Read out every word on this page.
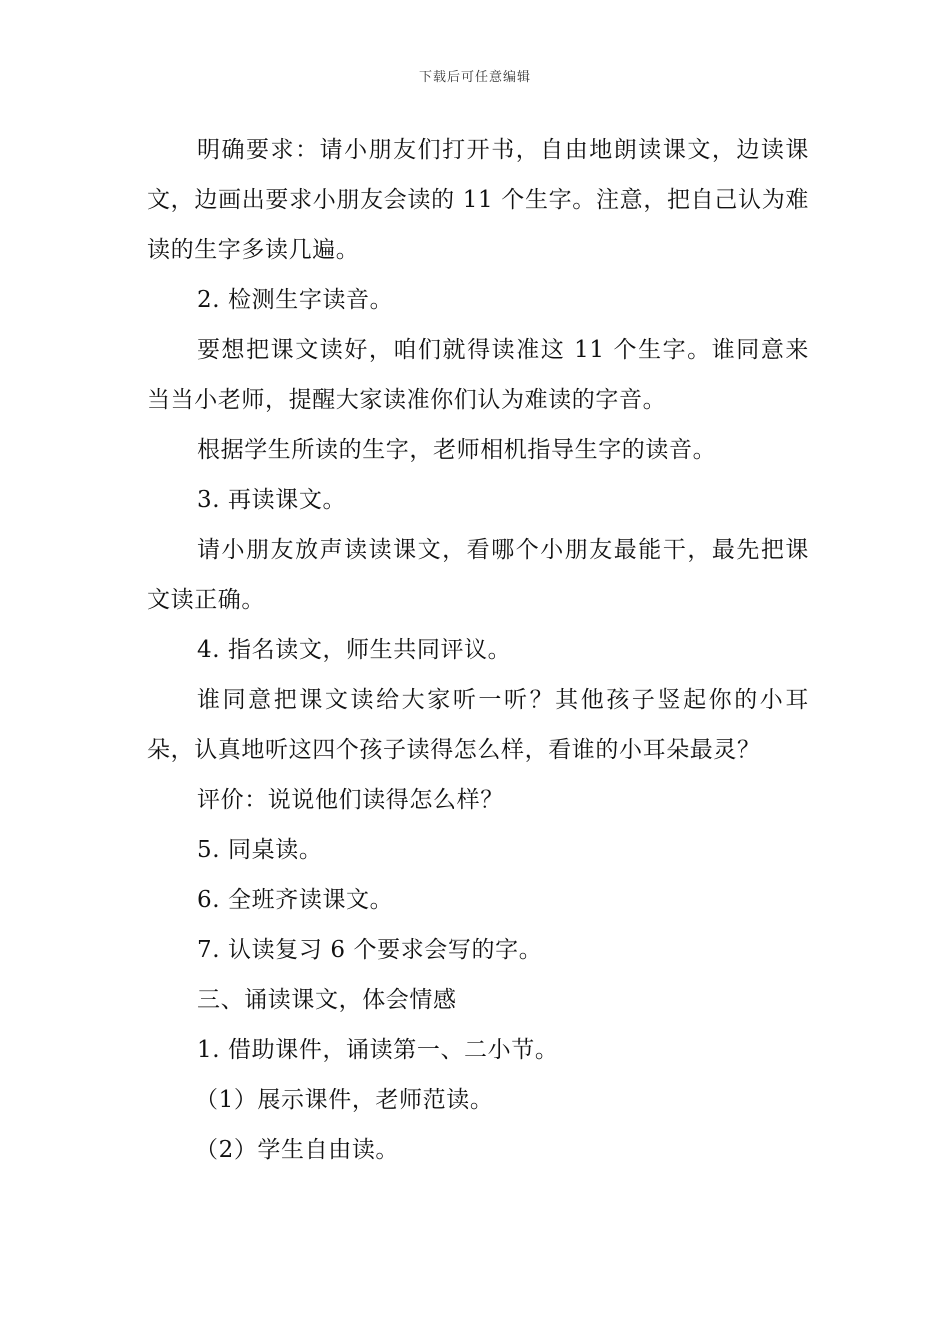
下载后可任意编辑

明确要求：请小朋友们打开书，自由地朗读课文，边读课文，边画出要求小朋友会读的 11 个生字。注意，把自己认为难读的生字多读几遍。

2. 检测生字读音。

要想把课文读好，咱们就得读准这 11 个生字。谁同意来当当小老师，提醒大家读准你们认为难读的字音。

根据学生所读的生字，老师相机指导生字的读音。

3. 再读课文。

请小朋友放声读读课文，看哪个小朋友最能干，最先把课文读正确。

4. 指名读文，师生共同评议。

谁同意把课文读给大家听一听？其他孩子竖起你的小耳朵，认真地听这四个孩子读得怎么样，看谁的小耳朵最灵？

评价：说说他们读得怎么样？

5. 同桌读。

6. 全班齐读课文。

7. 认读复习 6 个要求会写的字。

三、诵读课文，体会情感

1. 借助课件，诵读第一、二小节。

（1）展示课件，老师范读。

（2）学生自由读。
